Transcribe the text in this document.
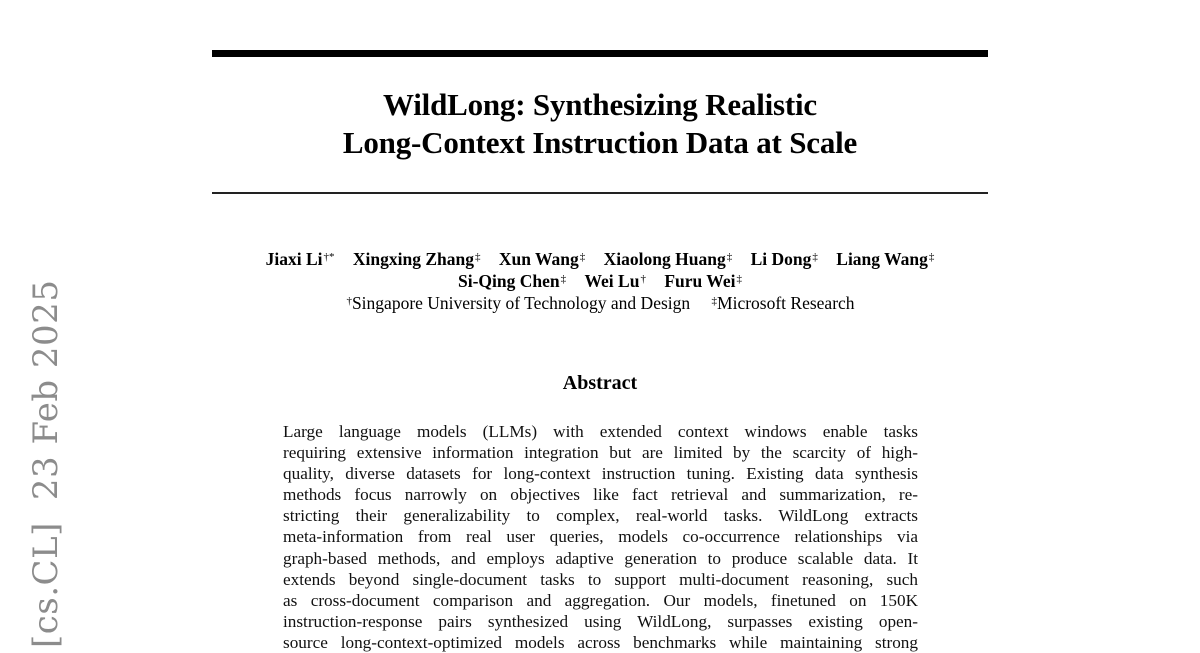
[cs.CL]23 Feb 2025
WildLong: Synthesizing Realistic
Long-Context Instruction Data at Scale
Jiaxi Li†* Xingxing Zhang‡ Xun Wang‡ Xiaolong Huang‡ Li Dong‡ Liang Wang‡
Si-Qing Chen‡ Wei Lu† Furu Wei‡
†Singapore University of Technology and Design ‡Microsoft Research
Abstract
Large language models (LLMs) with extended context windows enable tasks
requiring extensive information integration but are limited by the scarcity of high-
quality, diverse datasets for long-context instruction tuning. Existing data synthesis
methods focus narrowly on objectives like fact retrieval and summarization, re-
stricting their generalizability to complex, real-world tasks. WildLong extracts
meta-information from real user queries, models co-occurrence relationships via
graph-based methods, and employs adaptive generation to produce scalable data. It
extends beyond single-document tasks to support multi-document reasoning, such
as cross-document comparison and aggregation. Our models, finetuned on 150K
instruction-response pairs synthesized using WildLong, surpasses existing open-
source long-context-optimized models across benchmarks while maintaining strong
